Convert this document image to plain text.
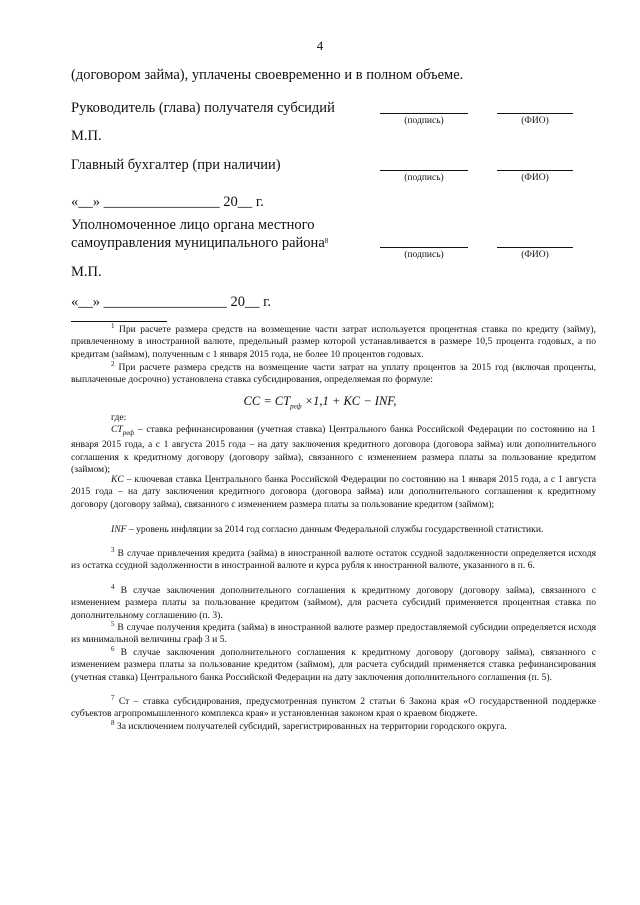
4
(договором займа), уплачены своевременно и в полном объеме.
Руководитель (глава) получателя субсидий
(подпись)	(ФИО)
М.П.
Главный бухгалтер (при наличии)
(подпись)	(ФИО)
«__» ________________ 20__ г.
Уполномоченное лицо органа местного
самоуправления муниципального района$^8$
(подпись)	(ФИО)
М.П.
«__» _________________ 20__ г.

$^1$ При расчете размера средств на возмещение части затрат используется процентная ставка по кредиту (займу), привлеченному в иностранной валюте, предельный размер которой устанавливается в размере 10,5 процента годовых, а по кредитам (займам), полученным с 1 января 2015 года, не более 10 процентов годовых.

$^2$ При расчете размера средств на возмещение части затрат на уплату процентов за 2015 год (включая проценты, выплаченные досрочно) установлена ставка субсидирования, определяемая по формуле:

CC = $CT_{реф} \times 1,1$ + KC − INF,

где:

$CT_{реф}$ – ставка рефинансирования (учетная ставка) Центрального банка Российской Федерации по состоянию на 1 января 2015 года, а с 1 августа 2015 года – на дату заключения кредитного договора (договора займа) или дополнительного соглашения к кредитному договору (договору займа), связанного с изменением размера платы за пользование кредитом (займом);

KC – ключевая ставка Центрального банка Российской Федерации по состоянию на 1 января 2015 года, а с 1 августа 2015 года – на дату заключения кредитного договора (договора займа) или дополнительного соглашения к кредитному договору (договору займа), связанного с изменением размера платы за пользование кредитом (займом);

INF – уровень инфляции за 2014 год согласно данным Федеральной службы государственной статистики.

$^3$ В случае привлечения кредита (займа) в иностранной валюте остаток ссудной задолженности определяется исходя из остатка ссудной задолженности в иностранной валюте и курса рубля к иностранной валюте, указанного в п. 6.

$^4$ В случае заключения дополнительного соглашения к кредитному договору (договору займа), связанного с изменением размера платы за пользование кредитом (займом), для расчета субсидий применяется процентная ставка по дополнительному соглашению (п. 3).

$^5$ В случае получения кредита (займа) в иностранной валюте размер предоставляемой субсидии определяется исходя из минимальной величины граф 3 и 5.

$^6$ В случае заключения дополнительного соглашения к кредитному договору (договору займа), связанного с изменением размера платы за пользование кредитом (займом), для расчета субсидий применяется ставка рефинансирования (учетная ставка) Центрального банка Российской Федерации на дату заключения дополнительного соглашения (п. 5).

$^7$ Ст – ставка субсидирования, предусмотренная пунктом 2 статьи 6 Закона края «О государственной поддержке субъектов агропромышленного комплекса края» и установленная законом края о краевом бюджете.

$^8$ За исключением получателей субсидий, зарегистрированных на территории городского округа.
